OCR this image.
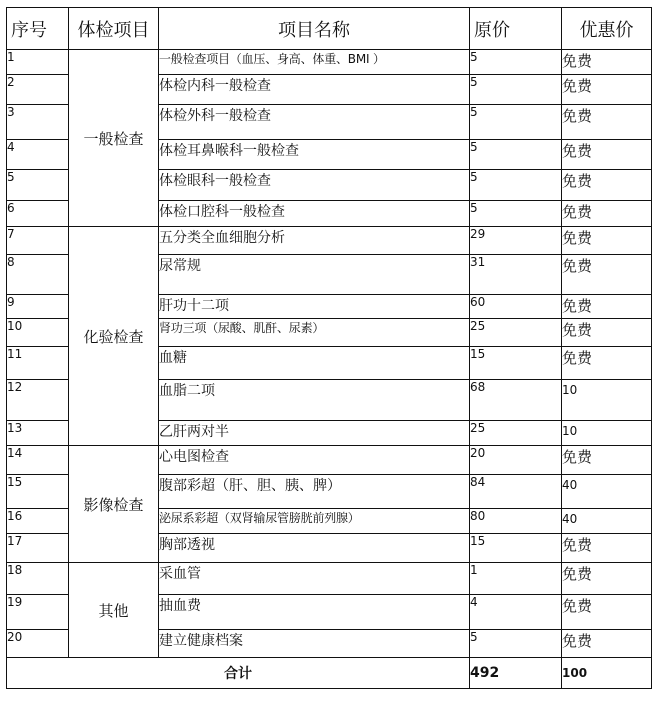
序号	体检项目	项目名称	原价	优惠价
1	一般检查	一般检查项目（血压、身高、体重、BMI ）	5	免费
2		体检内科一般检查	5	免费
3		体检外科一般检查	5	免费
4		体检耳鼻喉科一般检查	5	免费
5		体检眼科一般检查	5	免费
6		体检口腔科一般检查	5	免费
7	化验检查	五分类全血细胞分析	29	免费
8		尿常规	31	免费
9		肝功十二项	60	免费
10		肾功三项（尿酸、肌酐、尿素）	25	免费
11		血糖	15	免费
12		血脂二项	68	10
13		乙肝两对半	25	10
14	影像检查	心电图检查	20	免费
15		腹部彩超（肝、胆、胰、脾）	84	40
16		泌尿系彩超（双肾输尿管膀胱前列腺）	80	40
17		胸部透视	15	免费
18	其他	采血管	1	免费
19		抽血费	4	免费
20		建立健康档案	5	免费
合计			492	100
